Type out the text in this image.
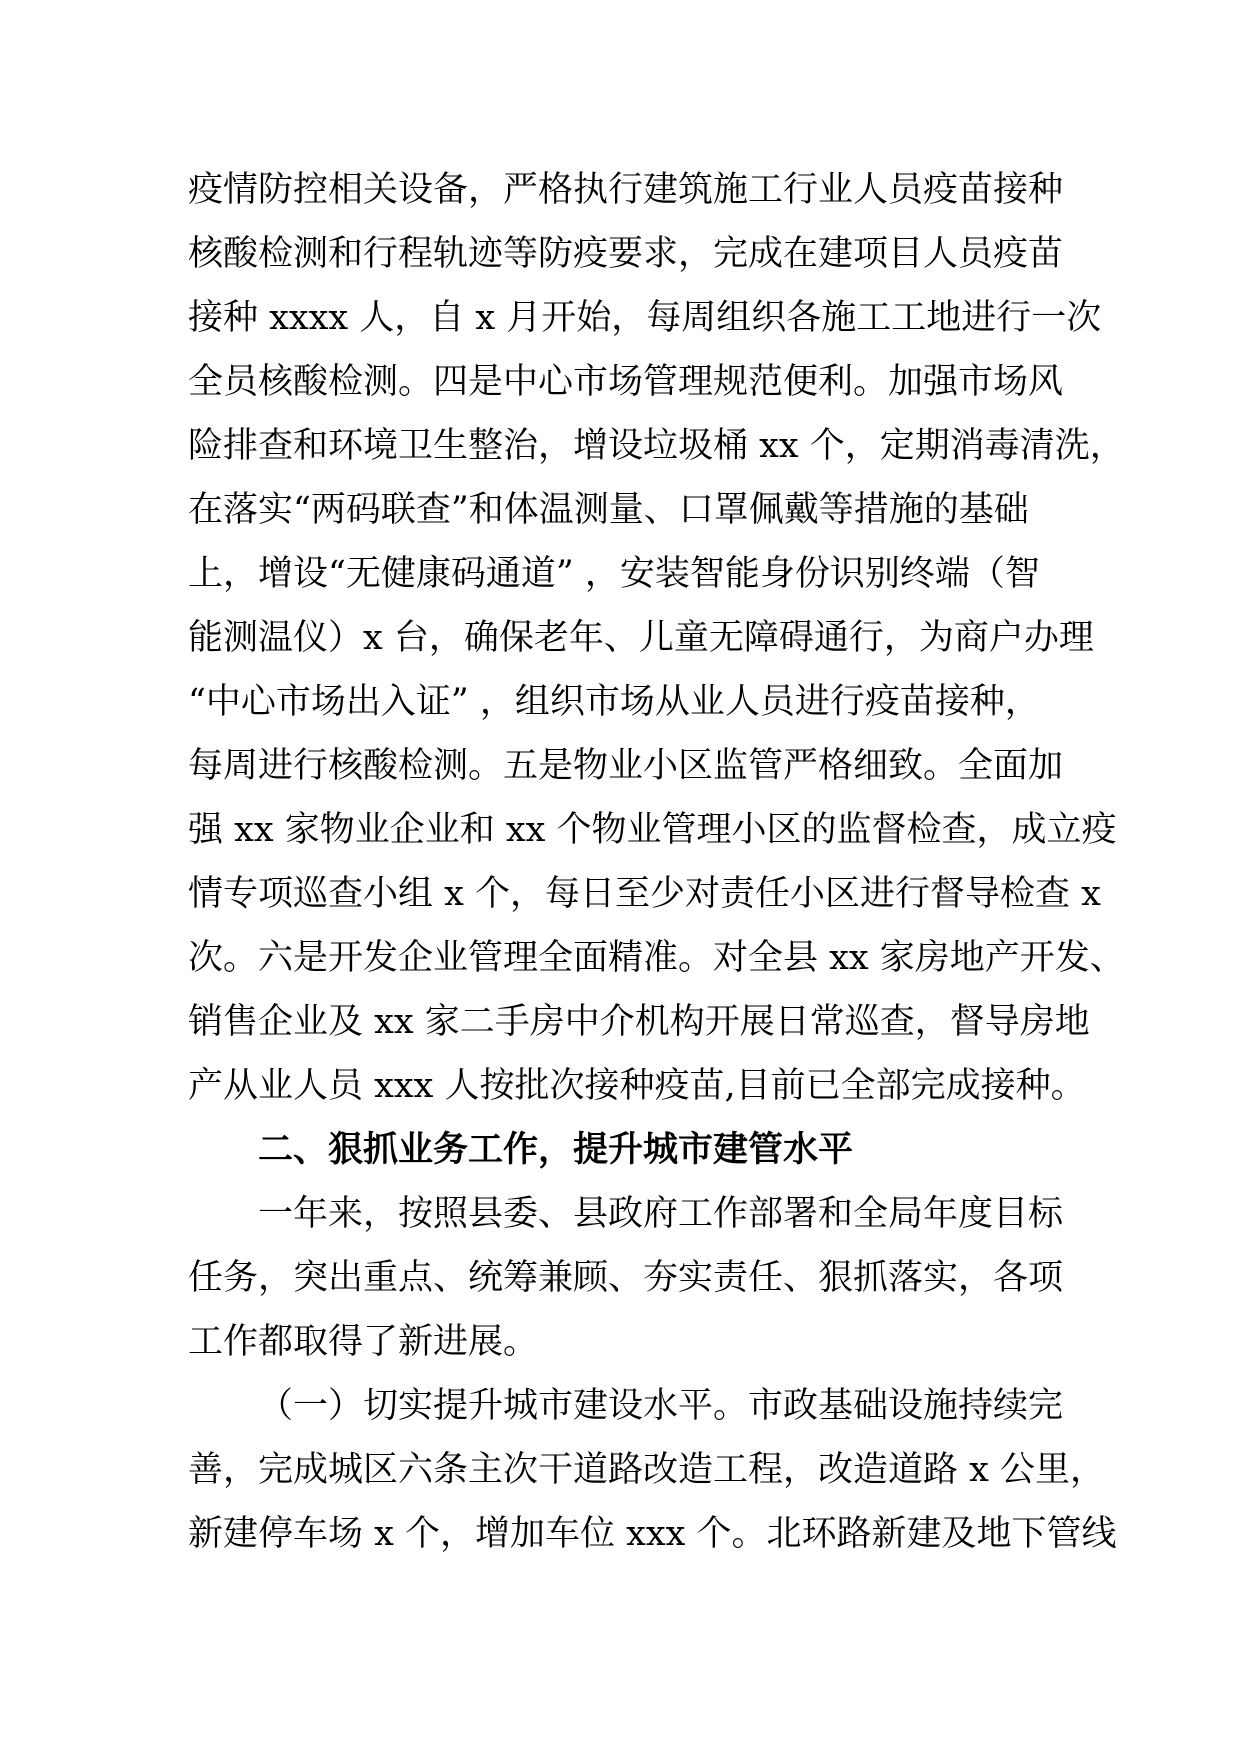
疫情防控相关设备，严格执行建筑施工行业人员疫苗接种
核酸检测和行程轨迹等防疫要求，完成在建项目人员疫苗
接种 xxxx 人，自 x 月开始，每周组织各施工工地进行一次
全员核酸检测。四是中心市场管理规范便利。加强市场风
险排查和环境卫生整治，增设垃圾桶 xx 个，定期消毒清洗，
在落实“两码联查”和体温测量、口罩佩戴等措施的基础
上，增设“无健康码通道” ，安装智能身份识别终端（智
能测温仪）x 台，确保老年、儿童无障碍通行，为商户办理
“中心市场出入证” ，组织市场从业人员进行疫苗接种，
每周进行核酸检测。五是物业小区监管严格细致。全面加
强 xx 家物业企业和 xx 个物业管理小区的监督检查，成立疫
情专项巡查小组 x 个，每日至少对责任小区进行督导检查 x
次。六是开发企业管理全面精准。对全县 xx 家房地产开发、
销售企业及 xx 家二手房中介机构开展日常巡查，督导房地
产从业人员 xxx 人按批次接种疫苗,目前已全部完成接种。
二、狠抓业务工作，提升城市建管水平
一年来，按照县委、县政府工作部署和全局年度目标
任务，突出重点、统筹兼顾、夯实责任、狠抓落实，各项
工作都取得了新进展。
（一）切实提升城市建设水平。市政基础设施持续完
善，完成城区六条主次干道路改造工程，改造道路 x 公里，
新建停车场 x 个，增加车位 xxx 个。北环路新建及地下管线
